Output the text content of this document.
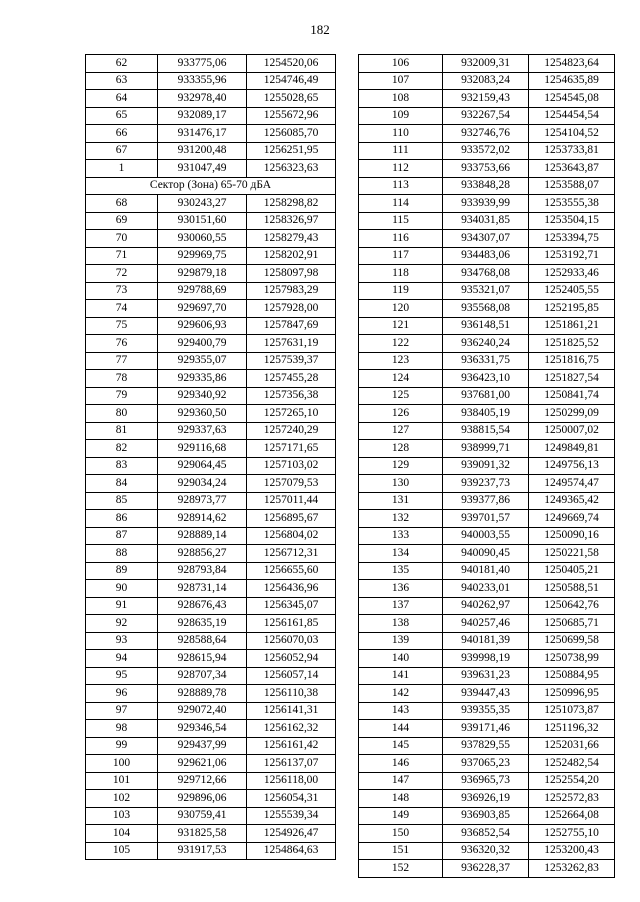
182
62	933775,06	1254520,06
63	933355,96	1254746,49
64	932978,40	1255028,65
65	932089,17	1255672,96
66	931476,17	1256085,70
67	931200,48	1256251,95
1	931047,49	1256323,63
Сектор (Зона) 65-70 дБА		
68	930243,27	1258298,82
69	930151,60	1258326,97
70	930060,55	1258279,43
71	929969,75	1258202,91
72	929879,18	1258097,98
73	929788,69	1257983,29
74	929697,70	1257928,00
75	929606,93	1257847,69
76	929400,79	1257631,19
77	929355,07	1257539,37
78	929335,86	1257455,28
79	929340,92	1257356,38
80	929360,50	1257265,10
81	929337,63	1257240,29
82	929116,68	1257171,65
83	929064,45	1257103,02
84	929034,24	1257079,53
85	928973,77	1257011,44
86	928914,62	1256895,67
87	928889,14	1256804,02
88	928856,27	1256712,31
89	928793,84	1256655,60
90	928731,14	1256436,96
91	928676,43	1256345,07
92	928635,19	1256161,85
93	928588,64	1256070,03
94	928615,94	1256052,94
95	928707,34	1256057,14
96	928889,78	1256110,38
97	929072,40	1256141,31
98	929346,54	1256162,32
99	929437,99	1256161,42
100	929621,06	1256137,07
101	929712,66	1256118,00
102	929896,06	1256054,31
103	930759,41	1255539,34
104	931825,58	1254926,47
105	931917,53	1254864,63
106	932009,31	1254823,64
107	932083,24	1254635,89
108	932159,43	1254545,08
109	932267,54	1254454,54
110	932746,76	1254104,52
111	933572,02	1253733,81
112	933753,66	1253643,87
113	933848,28	1253588,07
114	933939,99	1253555,38
115	934031,85	1253504,15
116	934307,07	1253394,75
117	934483,06	1253192,71
118	934768,08	1252933,46
119	935321,07	1252405,55
120	935568,08	1252195,85
121	936148,51	1251861,21
122	936240,24	1251825,52
123	936331,75	1251816,75
124	936423,10	1251827,54
125	937681,00	1250841,74
126	938405,19	1250299,09
127	938815,54	1250007,02
128	938999,71	1249849,81
129	939091,32	1249756,13
130	939237,73	1249574,47
131	939377,86	1249365,42
132	939701,57	1249669,74
133	940003,55	1250090,16
134	940090,45	1250221,58
135	940181,40	1250405,21
136	940233,01	1250588,51
137	940262,97	1250642,76
138	940257,46	1250685,71
139	940181,39	1250699,58
140	939998,19	1250738,99
141	939631,23	1250884,95
142	939447,43	1250996,95
143	939355,35	1251073,87
144	939171,46	1251196,32
145	937829,55	1252031,66
146	937065,23	1252482,54
147	936965,73	1252554,20
148	936926,19	1252572,83
149	936903,85	1252664,08
150	936852,54	1252755,10
151	936320,32	1253200,43
152	936228,37	1253262,83
